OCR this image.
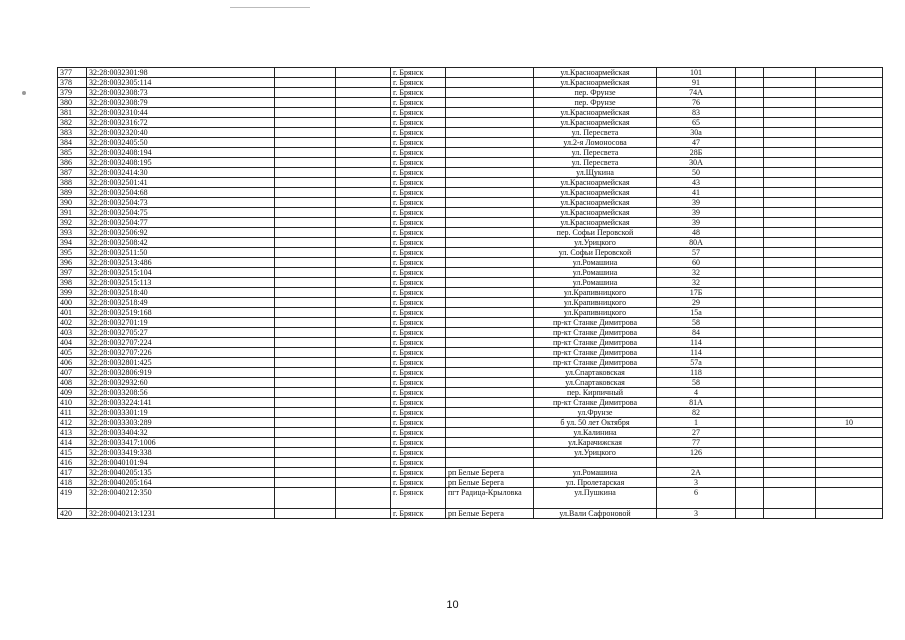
377	32:28:0032301:98			г. Брянск		ул.Красноармейская	101			
378	32:28:0032305:114			г. Брянск		ул.Красноармейская	91			
379	32:28:0032308:73			г. Брянск		пер. Фрунзе	74А			
380	32:28:0032308:79			г. Брянск		пер. Фрунзе	76			
381	32:28:0032310:44			г. Брянск		ул.Красноармейская	83			
382	32:28:0032316:72			г. Брянск		ул.Красноармейская	65			
383	32:28:0032320:40			г. Брянск		ул. Пересвета	30а			
384	32:28:0032405:50			г. Брянск		ул.2-я Ломоносова	47			
385	32:28:0032408:194			г. Брянск		ул. Пересвета	28Б			
386	32:28:0032408:195			г. Брянск		ул. Пересвета	30А			
387	32:28:0032414:30			г. Брянск		ул.Щукина	50			
388	32:28:0032501:41			г. Брянск		ул.Красноармейская	43			
389	32:28:0032504:68			г. Брянск		ул.Красноармейская	41			
390	32:28:0032504:73			г. Брянск		ул.Красноармейская	39			
391	32:28:0032504:75			г. Брянск		ул.Красноармейская	39			
392	32:28:0032504:77			г. Брянск		ул.Красноармейская	39			
393	32:28:0032506:92			г. Брянск		пер. Софьи Перовской	48			
394	32:28:0032508:42			г. Брянск		ул.Урицкого	80А			
395	32:28:0032511:50			г. Брянск		ул. Софьи Перовской	57			
396	32:28:0032513:486			г. Брянск		ул.Ромашина	60			
397	32:28:0032515:104			г. Брянск		ул.Ромашина	32			
398	32:28:0032515:113			г. Брянск		ул.Ромашина	32			
399	32:28:0032518:40			г. Брянск		ул.Крапивницкого	17Б			
400	32:28:0032518:49			г. Брянск		ул.Крапивницкого	29			
401	32:28:0032519:168			г. Брянск		ул.Крапивницкого	15а			
402	32:28:0032701:19			г. Брянск		пр-кт Станке Димитрова	58			
403	32:28:0032705:27			г. Брянск		пр-кт Станке Димитрова	84			
404	32:28:0032707:224			г. Брянск		пр-кт Станке Димитрова	114			
405	32:28:0032707:226			г. Брянск		пр-кт Станке Димитрова	114			
406	32:28:0032801:425			г. Брянск		пр-кт Станке Димитрова	57а			
407	32:28:0032806:919			г. Брянск		ул.Спартаковская	118			
408	32:28:0032932:60			г. Брянск		ул.Спартаковская	58			
409	32:28:0033208:56			г. Брянск		пер. Кирпичный	4			
410	32:28:0033224:141			г. Брянск		пр-кт Станке Димитрова	81А			
411	32:28:0033301:19			г. Брянск		ул.Фрунзе	82			
412	32:28:0033303:289			г. Брянск		б ул. 50 лет Октября	1			10
413	32:28:0033404:32			г. Брянск		ул.Калинина	27			
414	32:28:0033417:1006			г. Брянск		ул.Карачижская	77			
415	32:28:0033419:338			г. Брянск		ул.Урицкого	126			
416	32:28:0040101:94			г. Брянск						
417	32:28:0040205:135			г. Брянск	рп Белые Берега	ул.Ромашина	2А			
418	32:28:0040205:164			г. Брянск	рп Белые Берега	ул. Пролетарская	3			
419	32:28:0040212:350			г. Брянск	пгт Радица-Крыловка	ул.Пушкина	6			
420	32:28:0040213:1231			г. Брянск	рп Белые Берега	ул.Вали Сафроновой	3			
10
